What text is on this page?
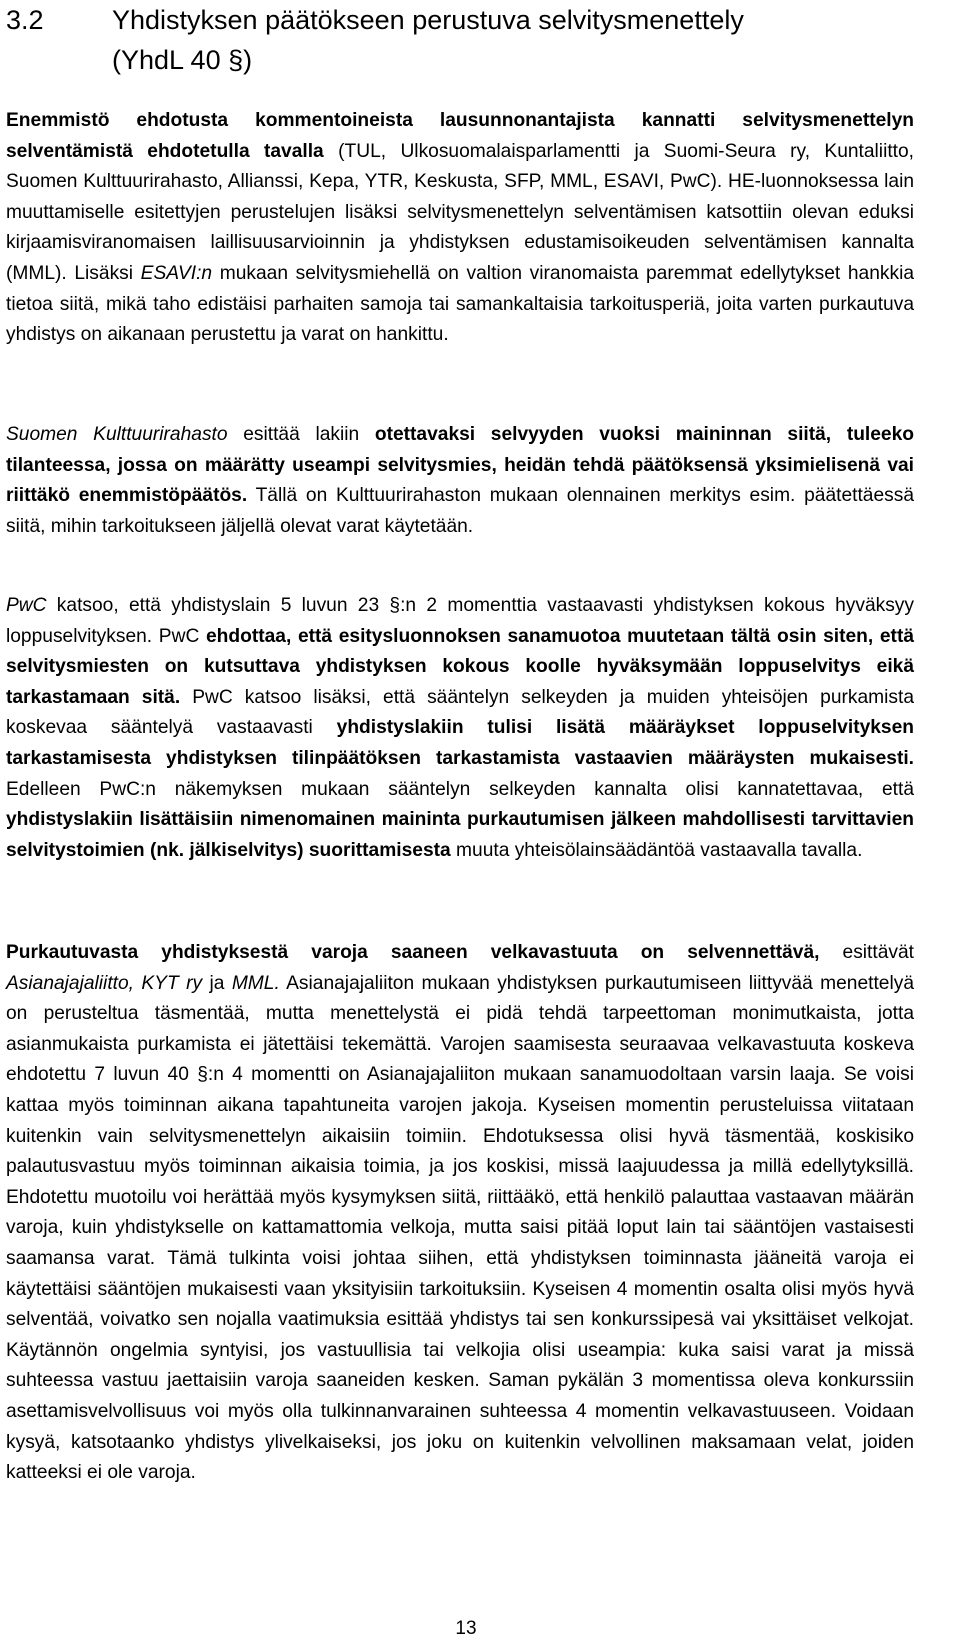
3.2	Yhdistyksen päätökseen perustuva selvitysmenettely
(YhdL 40 §)

Enemmistö ehdotusta kommentoineista lausunnonantajista kannatti selvitysmenettelyn selventämistä ehdotetulla tavalla (TUL, Ulkosuomalaisparlamentti ja Suomi-Seura ry, Kuntaliitto, Suomen Kulttuurirahasto, Allianssi, Kepa, YTR, Keskusta, SFP, MML, ESAVI, PwC). HE-luonnoksessa lain muuttamiselle esitettyjen perustelujen lisäksi selvitysmenettelyn selventämisen katsottiin olevan eduksi kirjaamisviranomaisen laillisuusarvioinnin ja yhdistyksen edustamisoikeuden selventämisen kannalta (MML). Lisäksi ESAVI:n mukaan selvitysmiehellä on valtion viranomaista paremmat edellytykset hankkia tietoa siitä, mikä taho edistäisi parhaiten samoja tai samankaltaisia tarkoitusperiä, joita varten purkautuva yhdistys on aikanaan perustettu ja varat on hankittu.

Suomen Kulttuurirahasto esittää lakiin otettavaksi selvyyden vuoksi maininnan siitä, tuleeko tilanteessa, jossa on määrätty useampi selvitysmies, heidän tehdä päätöksensä yksimielisenä vai riittäkö enemmistöpäätös. Tällä on Kulttuurirahaston mukaan olennainen merkitys esim. päätettäessä siitä, mihin tarkoitukseen jäljellä olevat varat käytetään.

PwC katsoo, että yhdistyslain 5 luvun 23 §:n 2 momenttia vastaavasti yhdistyksen kokous hyväksyy loppuselvityksen. PwC ehdottaa, että esitysluonnoksen sanamuotoa muutetaan tältä osin siten, että selvitysmiesten on kutsuttava yhdistyksen kokous koolle hyväksymään loppuselvitys eikä tarkastamaan sitä. PwC katsoo lisäksi, että sääntelyn selkeyden ja muiden yhteisöjen purkamista koskevaa sääntelyä vastaavasti yhdistyslakiin tulisi lisätä määräykset loppuselvityksen tarkastamisesta yhdistyksen tilinpäätöksen tarkastamista vastaavien määräysten mukaisesti. Edelleen PwC:n näkemyksen mukaan sääntelyn selkeyden kannalta olisi kannatettavaa, että yhdistyslakiin lisättäisiin nimenomainen maininta purkautumisen jälkeen mahdollisesti tarvittavien selvitystoimien (nk. jälkiselvitys) suorittamisesta muuta yhteisölainsäädäntöä vastaavalla tavalla.

Purkautuvasta yhdistyksestä varoja saaneen velkavastuuta on selvennettävä, esittävät Asianajajaliitto, KYT ry ja MML. Asianajajaliiton mukaan yhdistyksen purkautumiseen liittyvää menettelyä on perusteltua täsmentää, mutta menettelystä ei pidä tehdä tarpeettoman monimutkaista, jotta asianmukaista purkamista ei jätettäisi tekemättä. Varojen saamisesta seuraavaa velkavastuuta koskeva ehdotettu 7 luvun 40 §:n 4 momentti on Asianajajaliiton mukaan sanamuodoltaan varsin laaja. Se voisi kattaa myös toiminnan aikana tapahtuneita varojen jakoja. Kyseisen momentin perusteluissa viitataan kuitenkin vain selvitysmenettelyn aikaisiin toimiin. Ehdotuksessa olisi hyvä täsmentää, koskisiko palautusvastuu myös toiminnan aikaisia toimia, ja jos koskisi, missä laajuudessa ja millä edellytyksillä. Ehdotettu muotoilu voi herättää myös kysymyksen siitä, riittääkö, että henkilö palauttaa vastaavan määrän varoja, kuin yhdistykselle on kattamattomia velkoja, mutta saisi pitää loput lain tai sääntöjen vastaisesti saamansa varat. Tämä tulkinta voisi johtaa siihen, että yhdistyksen toiminnasta jääneitä varoja ei käytettäisi sääntöjen mukaisesti vaan yksityisiin tarkoituksiin. Kyseisen 4 momentin osalta olisi myös hyvä selventää, voivatko sen nojalla vaatimuksia esittää yhdistys tai sen konkurssipesä vai yksittäiset velkojat. Käytännön ongelmia syntyisi, jos vastuullisia tai velkojia olisi useampia: kuka saisi varat ja missä suhteessa vastuu jaettaisiin varoja saaneiden kesken. Saman pykälän 3 momentissa oleva konkurssiin asettamisvelvollisuus voi myös olla tulkinnanvarainen suhteessa 4 momentin velkavastuuseen. Voidaan kysyä, katsotaanko yhdistys ylivelkaiseksi, jos joku on kuitenkin velvollinen maksamaan velat, joiden katteeksi ei ole varoja.

13
